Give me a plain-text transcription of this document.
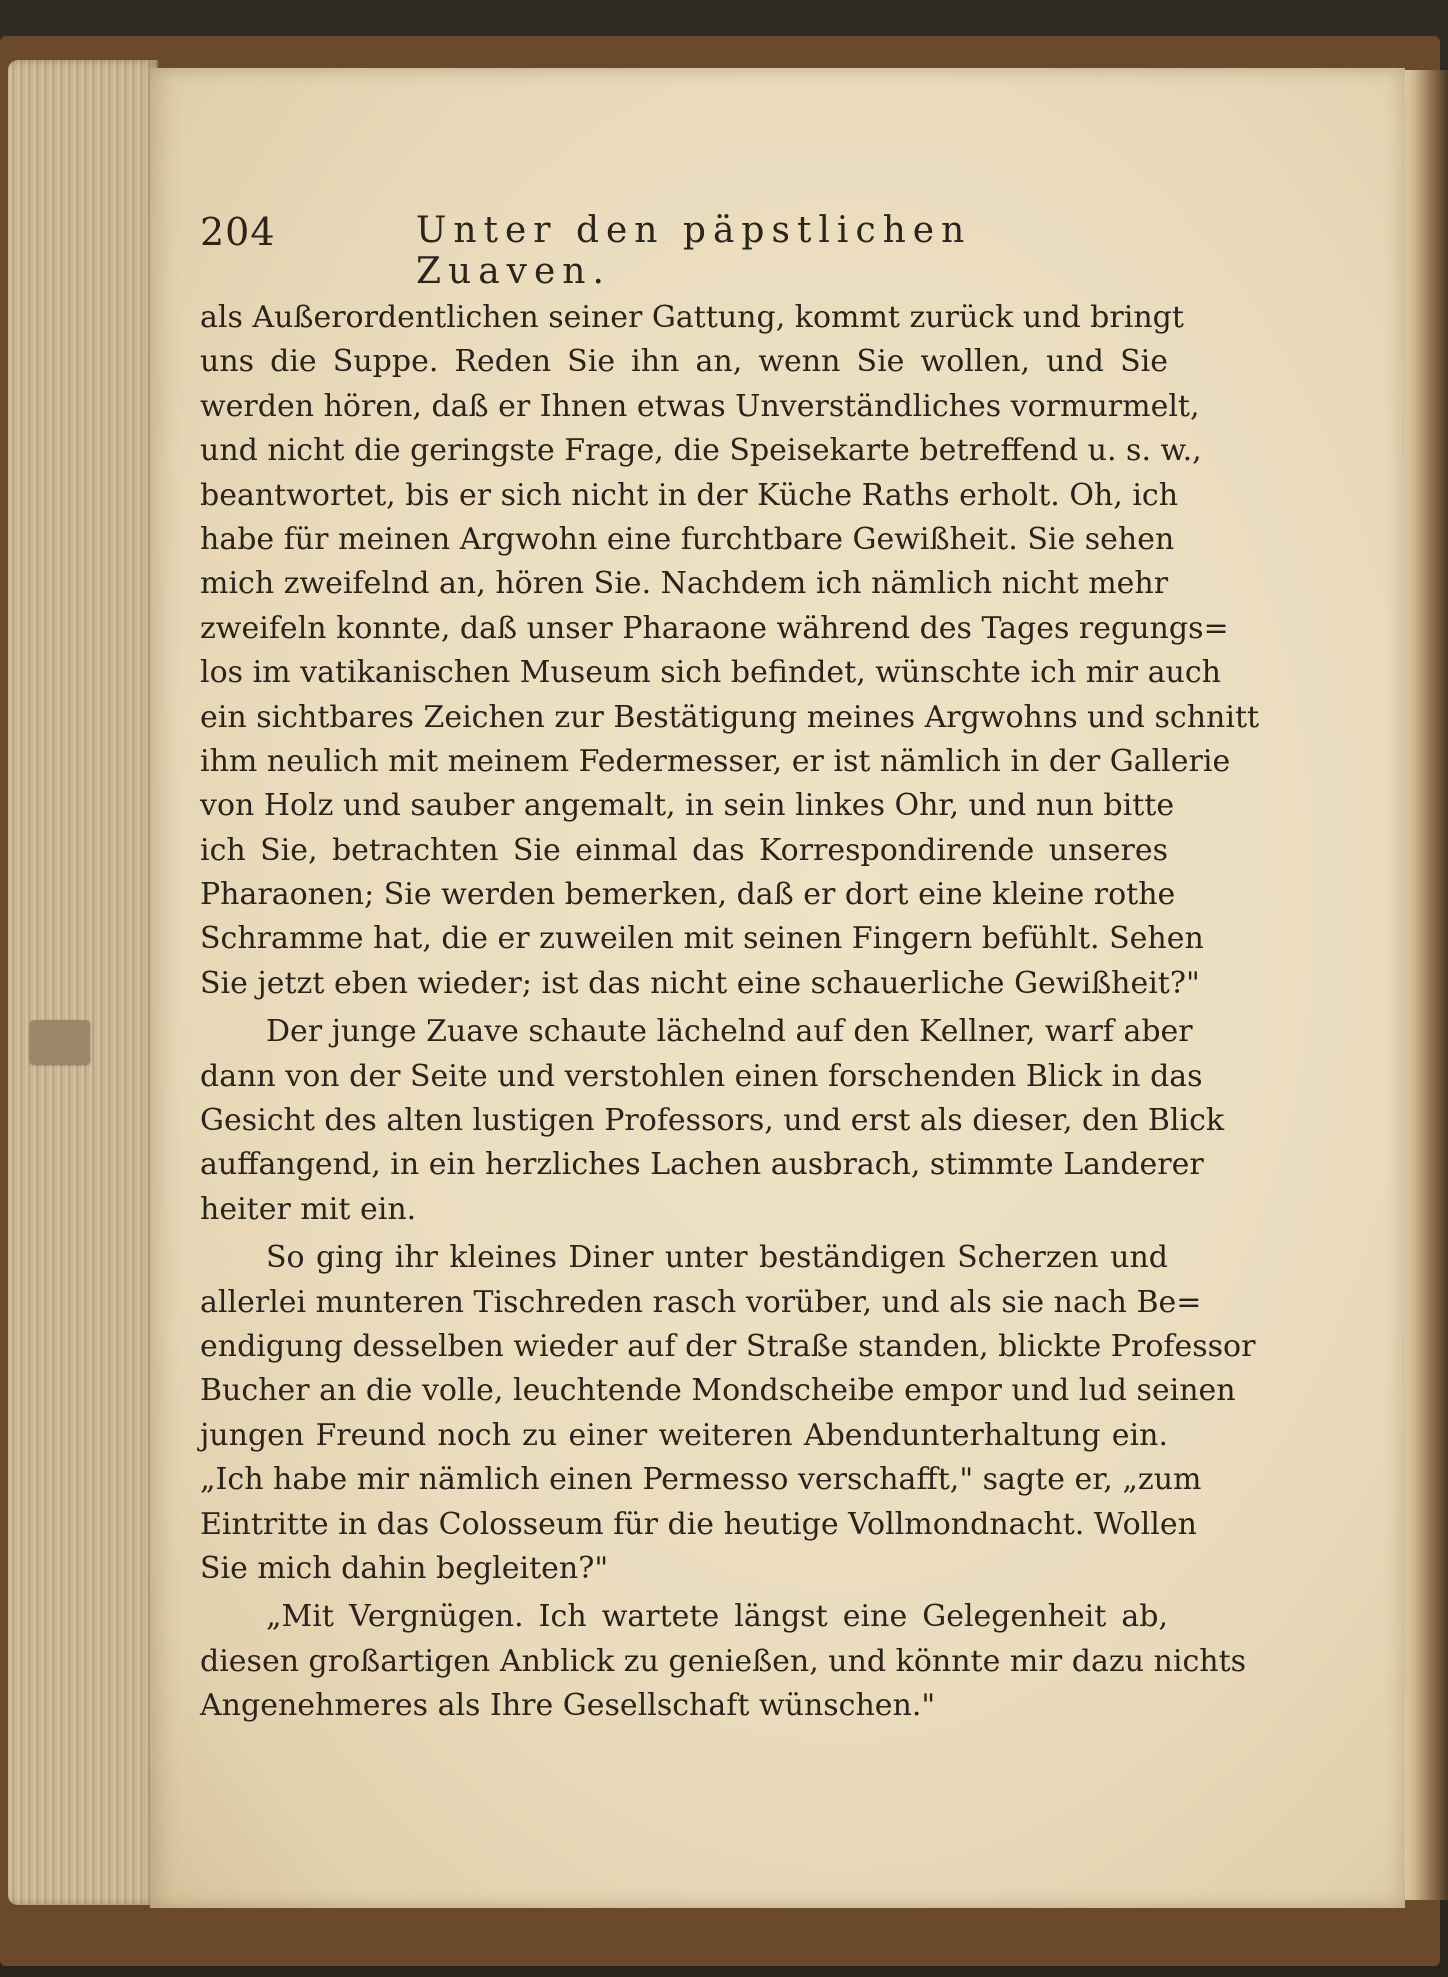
204	Unter den päpstlichen Zuaven.
als Außerordentlichen seiner Gattung, kommt zurück und bringt
uns die Suppe. Reden Sie ihn an, wenn Sie wollen, und Sie
werden hören, daß er Ihnen etwas Unverständliches vormurmelt,
und nicht die geringste Frage, die Speisekarte betreffend u. s. w.,
beantwortet, bis er sich nicht in der Küche Raths erholt. Oh, ich
habe für meinen Argwohn eine furchtbare Gewißheit. Sie sehen
mich zweifelnd an, hören Sie. Nachdem ich nämlich nicht mehr
zweifeln konnte, daß unser Pharaone während des Tages regungs=
los im vatikanischen Museum sich befindet, wünschte ich mir auch
ein sichtbares Zeichen zur Bestätigung meines Argwohns und schnitt
ihm neulich mit meinem Federmesser, er ist nämlich in der Gallerie
von Holz und sauber angemalt, in sein linkes Ohr, und nun bitte
ich Sie, betrachten Sie einmal das Korrespondirende unseres
Pharaonen; Sie werden bemerken, daß er dort eine kleine rothe
Schramme hat, die er zuweilen mit seinen Fingern befühlt. Sehen
Sie jetzt eben wieder; ist das nicht eine schauerliche Gewißheit?"
Der junge Zuave schaute lächelnd auf den Kellner, warf aber
dann von der Seite und verstohlen einen forschenden Blick in das
Gesicht des alten lustigen Professors, und erst als dieser, den Blick
auffangend, in ein herzliches Lachen ausbrach, stimmte Landerer
heiter mit ein.
So ging ihr kleines Diner unter beständigen Scherzen und
allerlei munteren Tischreden rasch vorüber, und als sie nach Be=
endigung desselben wieder auf der Straße standen, blickte Professor
Bucher an die volle, leuchtende Mondscheibe empor und lud seinen
jungen Freund noch zu einer weiteren Abendunterhaltung ein.
„Ich habe mir nämlich einen Permesso verschafft," sagte er, „zum
Eintritte in das Colosseum für die heutige Vollmondnacht. Wollen
Sie mich dahin begleiten?"
„Mit Vergnügen. Ich wartete längst eine Gelegenheit ab,
diesen großartigen Anblick zu genießen, und könnte mir dazu nichts
Angenehmeres als Ihre Gesellschaft wünschen."
